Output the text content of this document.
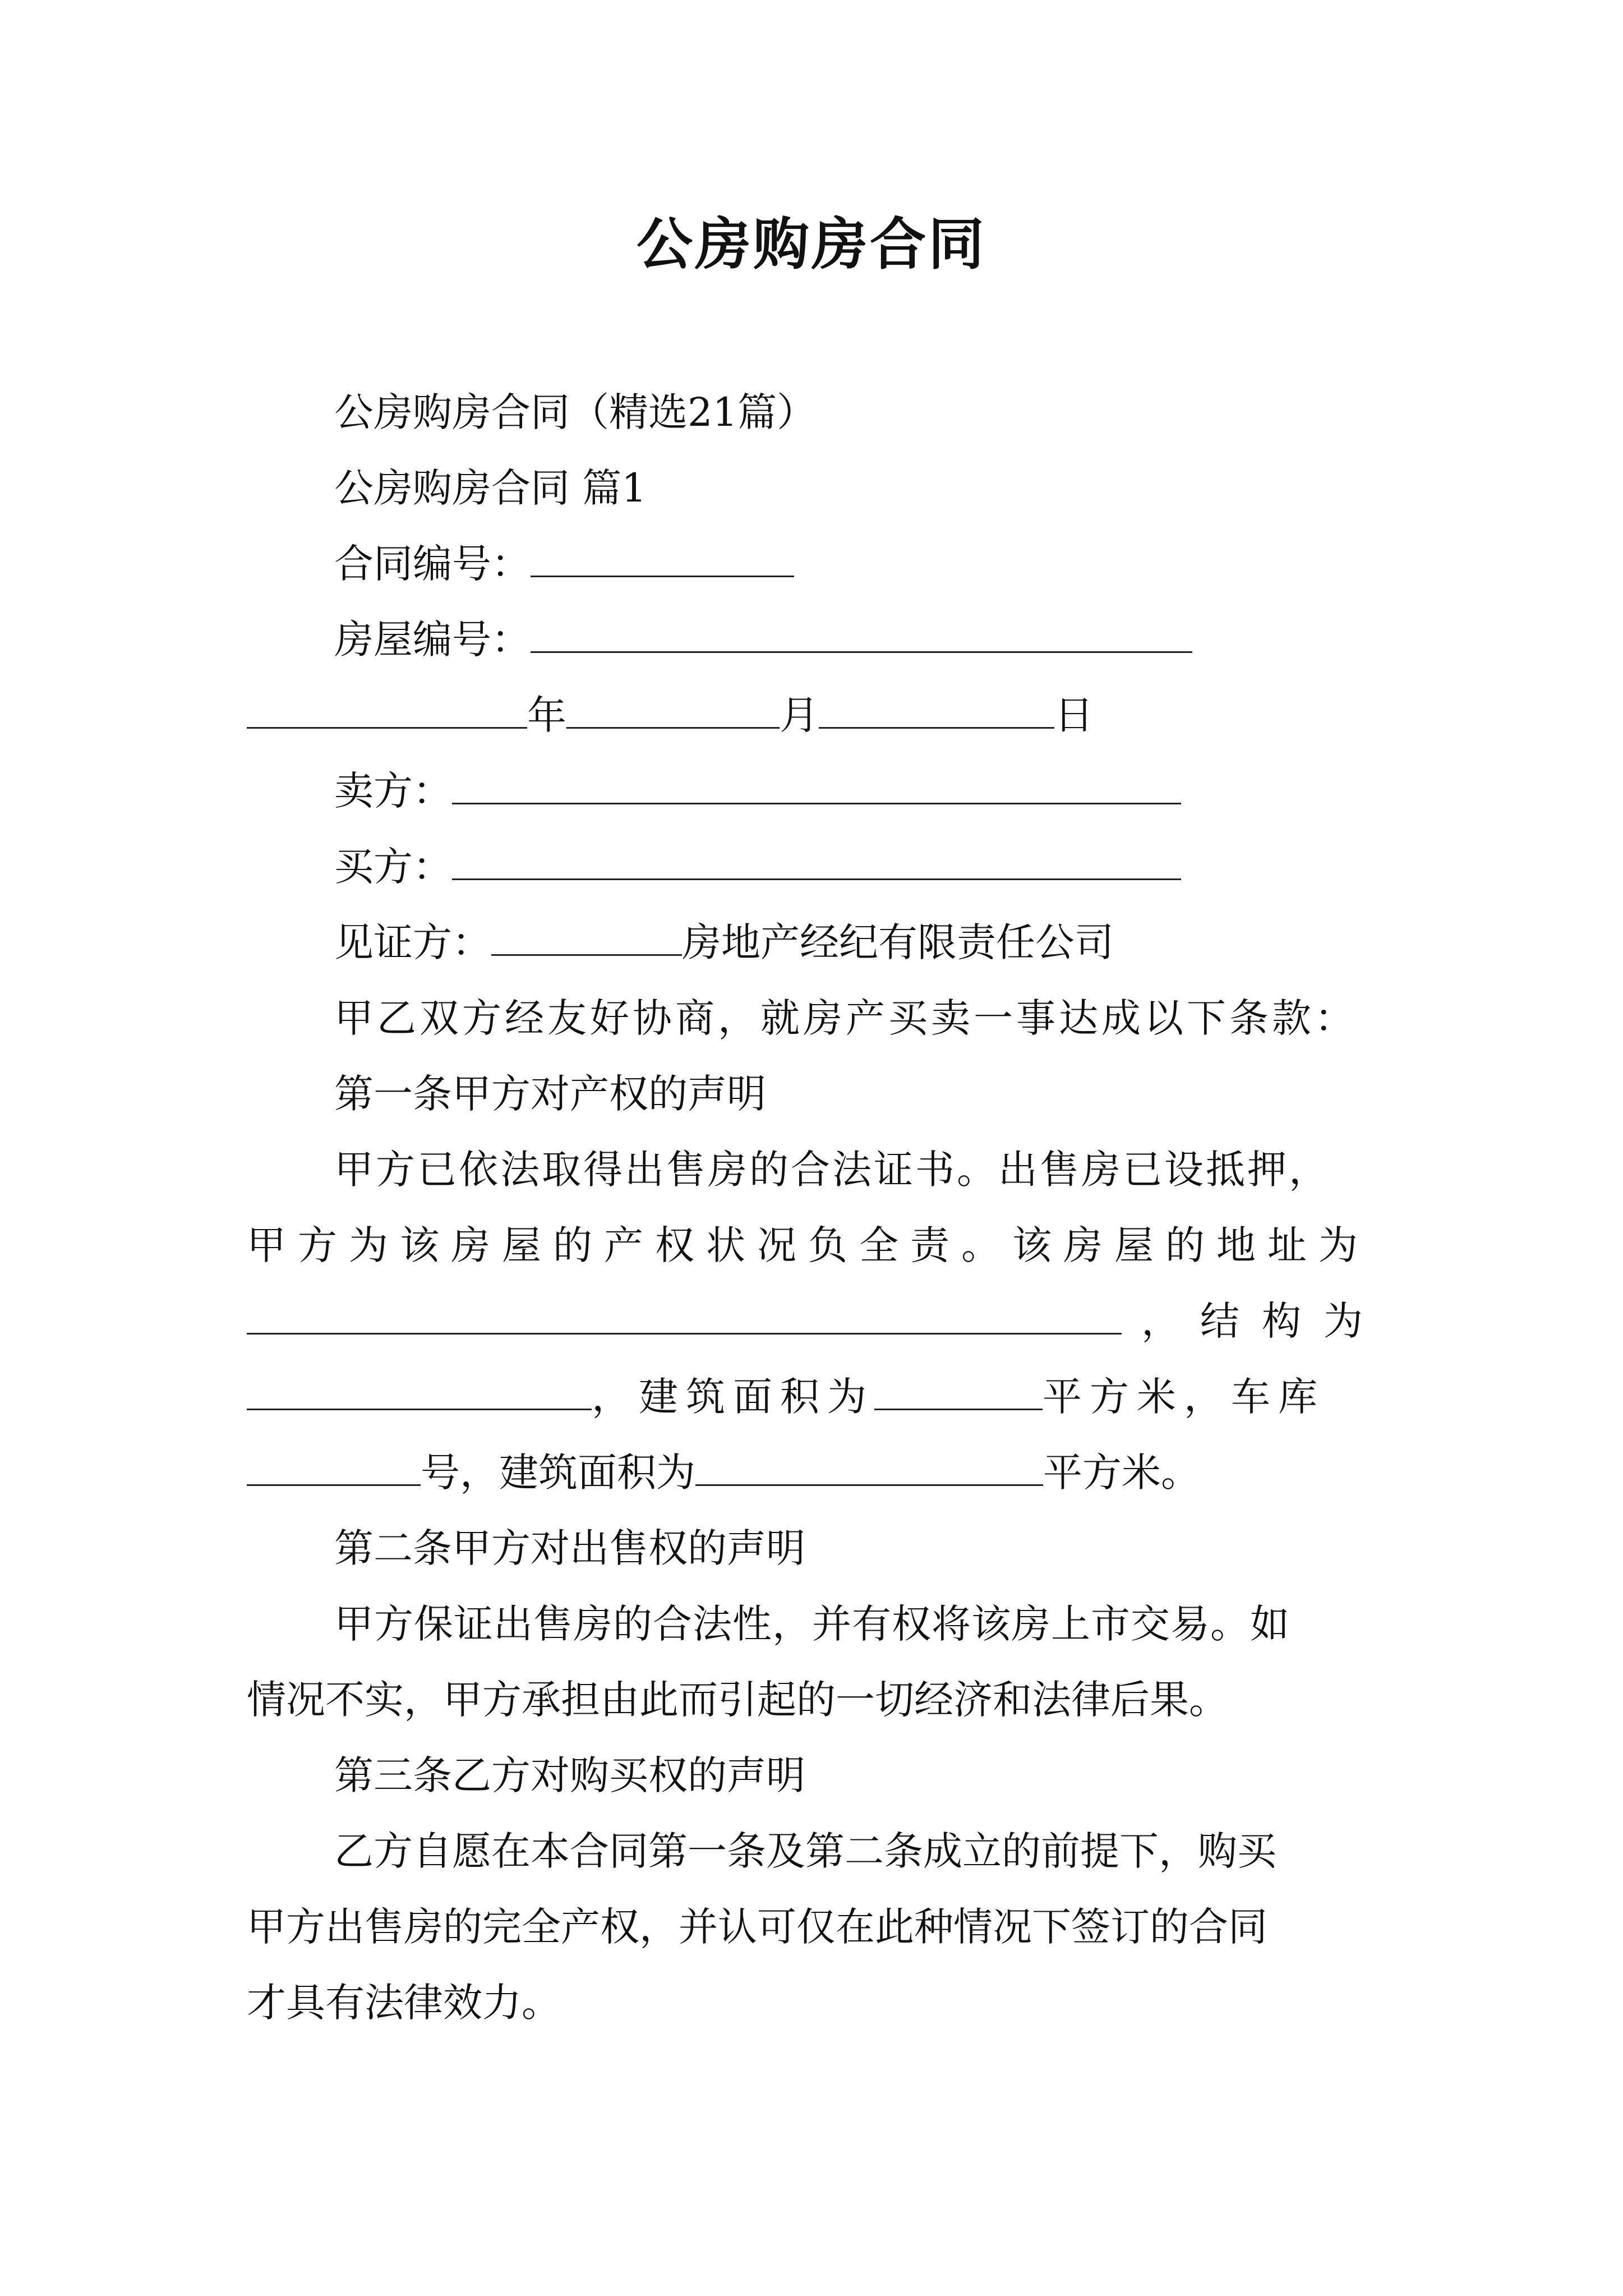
公房购房合同
公房购房合同（精选21篇）
公房购房合同 篇1
合同编号：
房屋编号：
年	月	日
卖方：
买方：
见证方：	房地产经纪有限责任公司
甲乙双方经友好协商，就房产买卖一事达成以下条款：
第一条甲方对产权的声明
甲方已依法取得出售房的合法证书。出售房已设抵押，
甲方为该房屋的产权状况负全责。该房屋的地址为
， 结构为
，建筑面积为	平方米，车库
号，建筑面积为	平方米。
第二条甲方对出售权的声明
甲方保证出售房的合法性，并有权将该房上市交易。如
情况不实，甲方承担由此而引起的一切经济和法律后果。
第三条乙方对购买权的声明
乙方自愿在本合同第一条及第二条成立的前提下，购买
甲方出售房的完全产权，并认可仅在此种情况下签订的合同
才具有法律效力。
